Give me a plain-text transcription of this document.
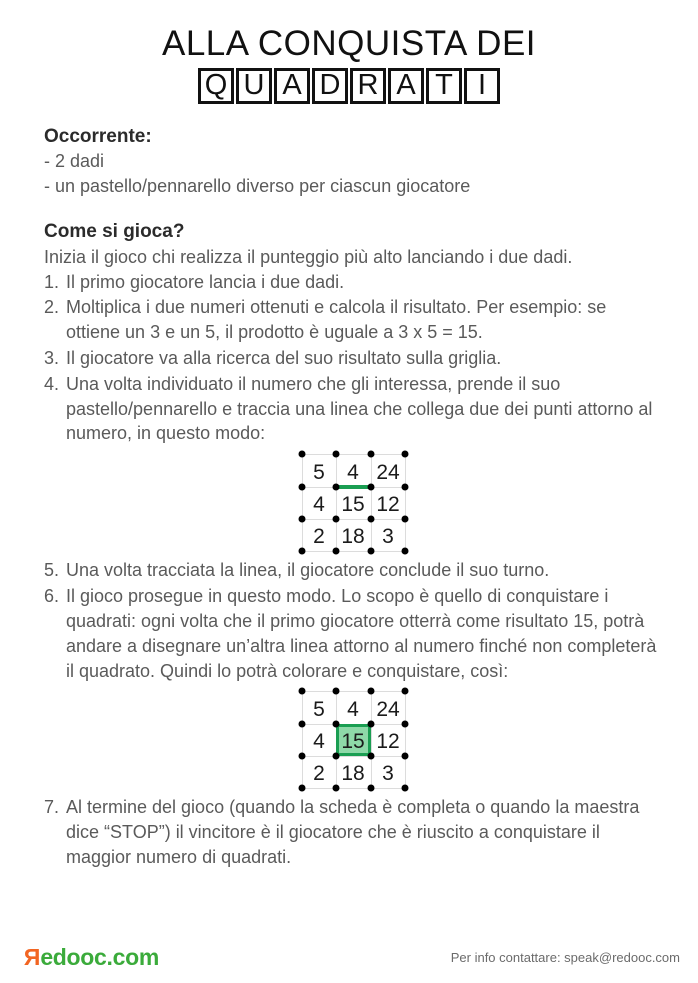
ALLA CONQUISTA DEI
Q U A D R A T I

Occorrente:

- 2 dadi

- un pastello/pennarello diverso per ciascun giocatore

Come si gioca?

Inizia il gioco chi realizza il punteggio più alto lanciando i due dadi.

1. Il primo giocatore lancia i due dadi.
2. Moltiplica i due numeri ottenuti e calcola il risultato. Per esempio: se ottiene un 3 e un 5, il prodotto è uguale a 3 x 5 = 15.
3. Il giocatore va alla ricerca del suo risultato sulla griglia.
4. Una volta individuato il numero che gli interessa, prende il suo pastello/pennarello e traccia una linea che collega due dei punti attorno al numero, in questo modo:
5	4 24
4 15 12
2 18 3
5. Una volta tracciata la linea, il giocatore conclude il suo turno.
6. Il gioco prosegue in questo modo. Lo scopo è quello di conquistare i quadrati: ogni volta che il primo giocatore otterrà come risultato 15, potrà andare a disegnare un’altra linea attorno al numero finché non completerà il quadrato. Quindi lo potrà colorare e conquistare, così:
5	4 24
4 15 12
2 18 3
7. Al termine del gioco (quando la scheda è completa o quando la maestra dice “STOP”) il vincitore è il giocatore che è riuscito a conquistare il maggior numero di quadrati.
R edooc.com	Per info contattare: speak@redooc.com
